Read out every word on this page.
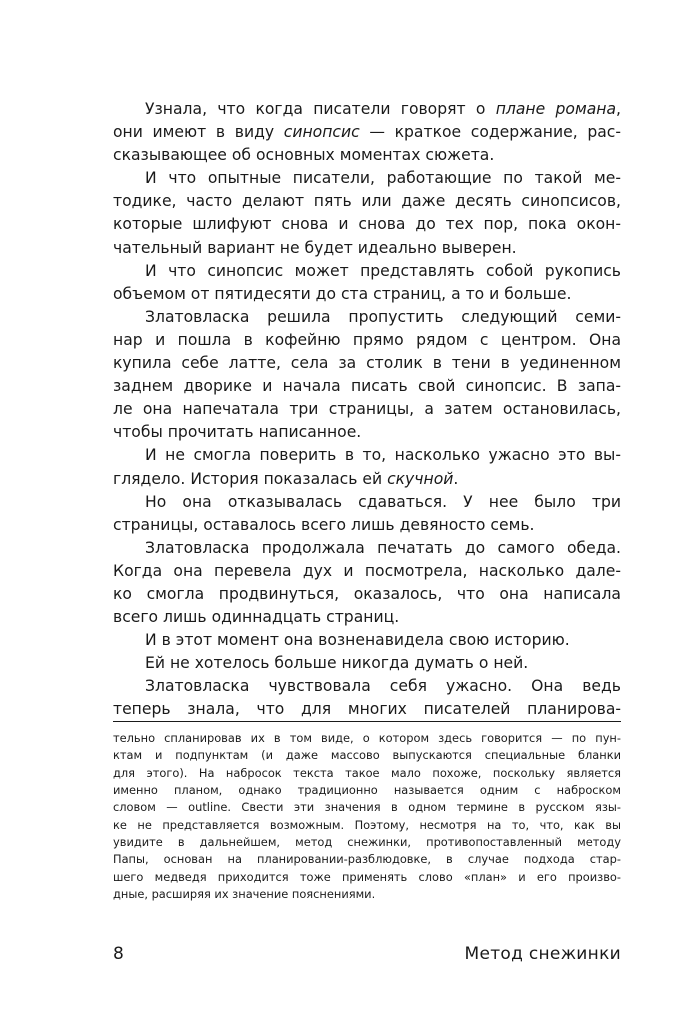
Узнала, что когда писатели говорят о плане романа,
они имеют в виду синопсис — краткое содержание, рас-
сказывающее об основных моментах сюжета.
И что опытные писатели, работающие по такой ме-
тодике, часто делают пять или даже десять синопсисов,
которые шлифуют снова и снова до тех пор, пока окон-
чательный вариант не будет идеально выверен.
И что синопсис может представлять собой рукопись
объемом от пятидесяти до ста страниц, а то и больше.
Златовласка решила пропустить следующий семи-
нар и пошла в кофейню прямо рядом с центром. Она
купила себе латте, села за столик в тени в уединенном
заднем дворике и начала писать свой синопсис. В запа-
ле она напечатала три страницы, а затем остановилась,
чтобы прочитать написанное.
И не смогла поверить в то, насколько ужасно это вы-
глядело. История показалась ей скучной.
Но она отказывалась сдаваться. У нее было три
страницы, оставалось всего лишь девяносто семь.
Златовласка продолжала печатать до самого обеда.
Когда она перевела дух и посмотрела, насколько дале-
ко смогла продвинуться, оказалось, что она написала
всего лишь одиннадцать страниц.
И в этот момент она возненавидела свою историю.
Ей не хотелось больше никогда думать о ней.
Златовласка чувствовала себя ужасно. Она ведь
теперь знала, что для многих писателей планирова-
тельно спланировав их в том виде, о котором здесь говорится — по пун-
ктам и подпунктам (и даже массово выпускаются специальные бланки
для этого). На набросок текста такое мало похоже, поскольку является
именно планом, однако традиционно называется одним с наброском
словом — outline. Свести эти значения в одном термине в русском язы-
ке не представляется возможным. Поэтому, несмотря на то, что, как вы
увидите в дальнейшем, метод снежинки, противопоставленный методу
Папы, основан на планировании-разблюдовке, в случае подхода стар-
шего медведя приходится тоже применять слово «план» и его произво-
дные, расширяя их значение пояснениями.
8	Метод снежинки
